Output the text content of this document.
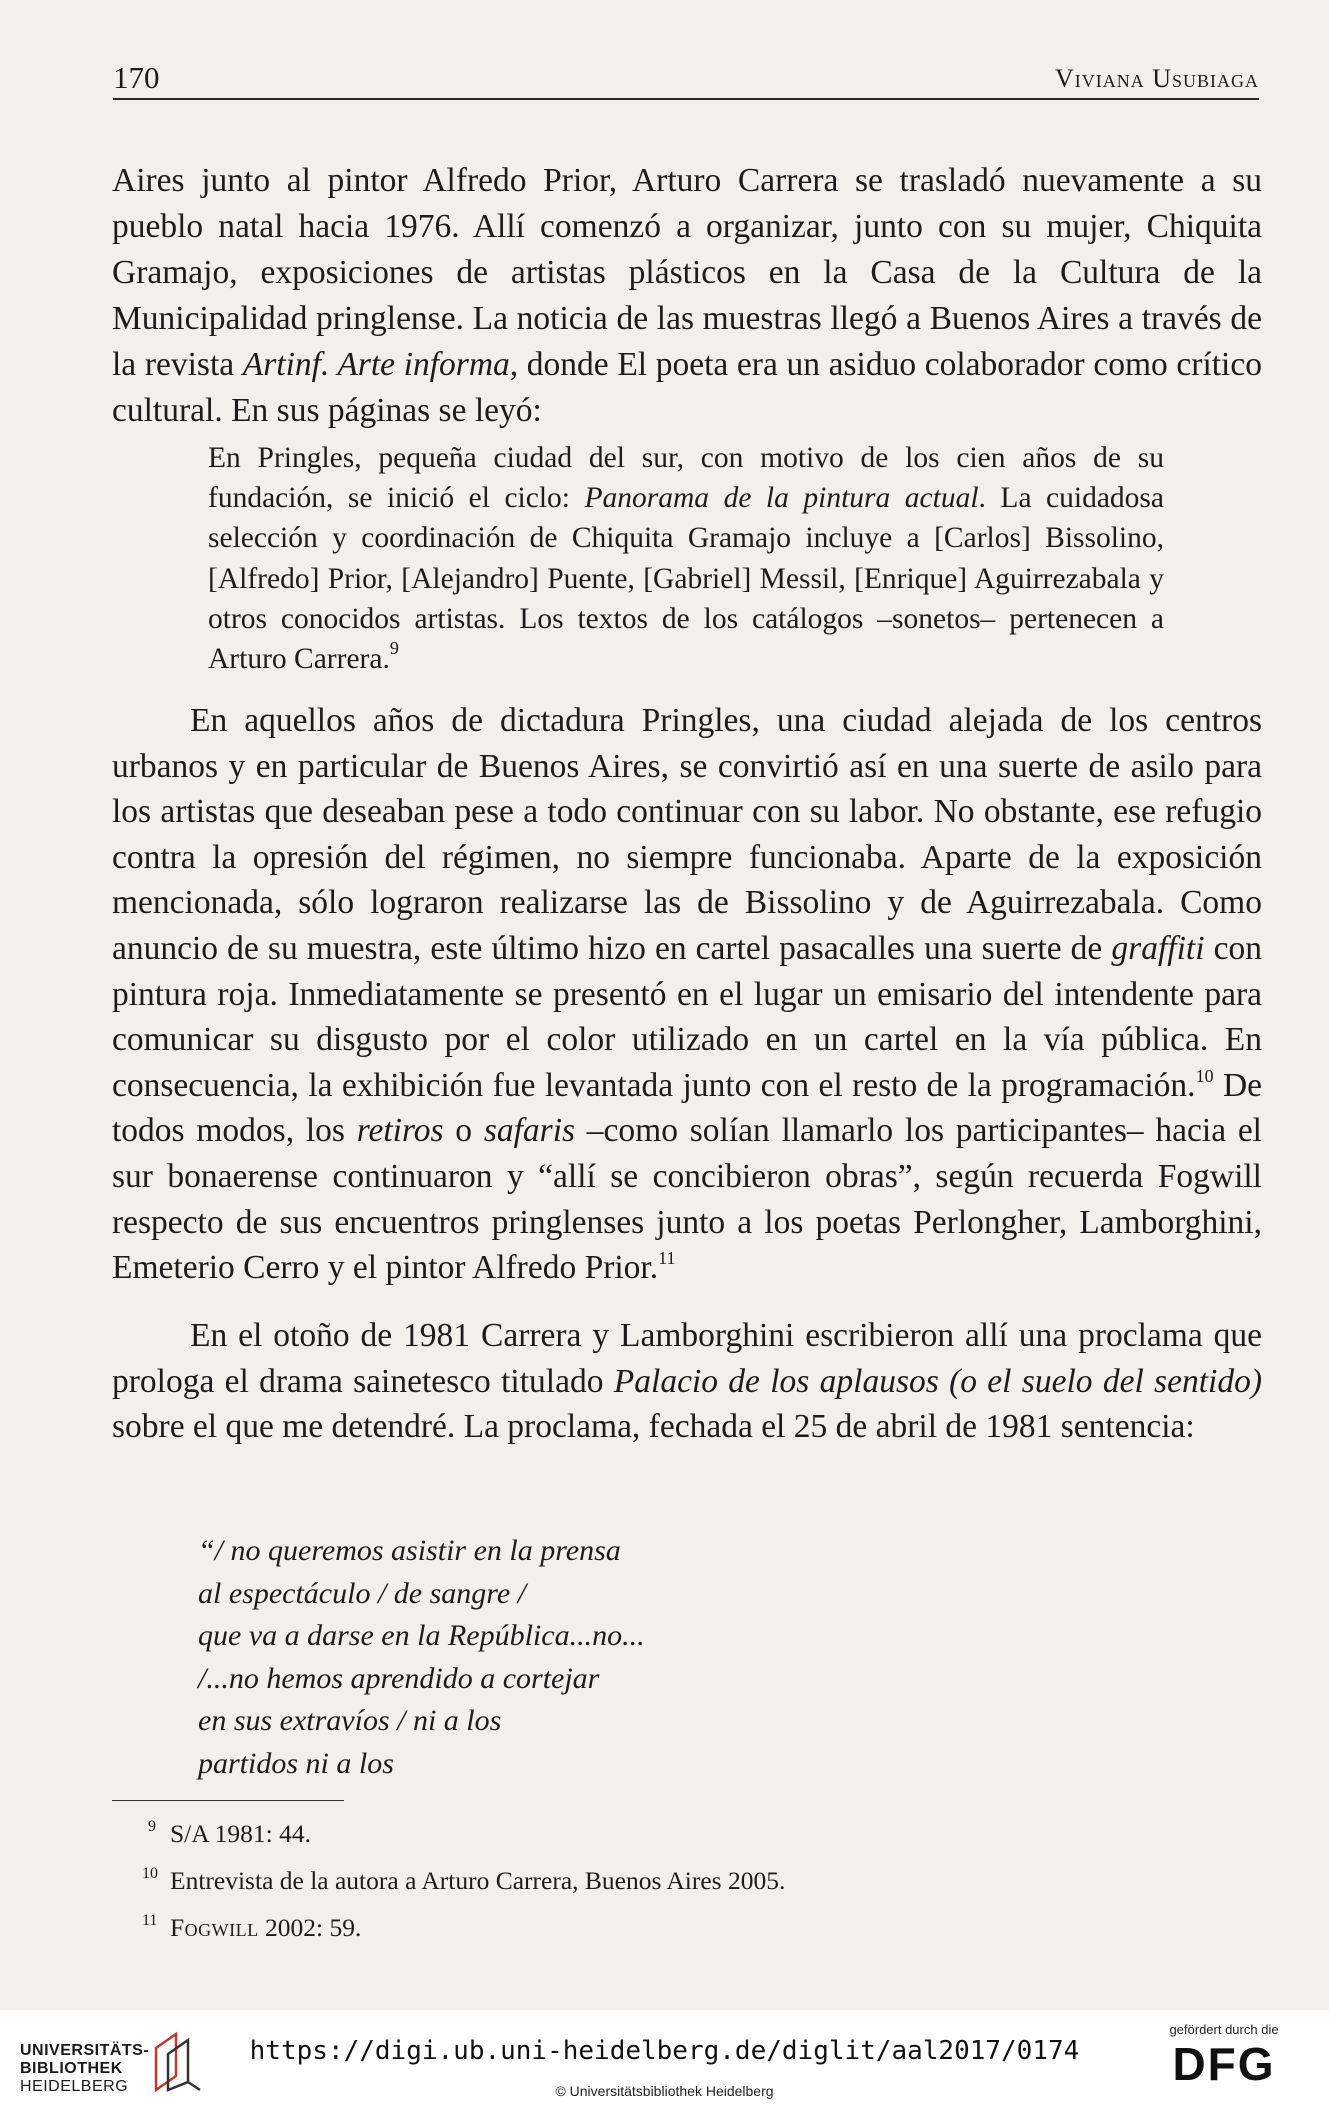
170	Viviana Usubiaga

Aires junto al pintor Alfredo Prior, Arturo Carrera se trasladó nuevamente a su pueblo natal hacia 1976. Allí comenzó a organizar, junto con su mujer, Chiquita Gramajo, exposiciones de artistas plásticos en la Casa de la Cultura de la Municipalidad pringlense. La noticia de las muestras llegó a Buenos Aires a través de la revista Artinf. Arte informa, donde El poeta era un asiduo colaborador como crítico cultural. En sus páginas se leyó:

En Pringles, pequeña ciudad del sur, con motivo de los cien años de su fundación, se inició el ciclo: Panorama de la pintura actual. La cuidadosa selección y coordinación de Chiquita Gramajo incluye a [Carlos] Bissolino, [Alfredo] Prior, [Alejandro] Puente, [Gabriel] Messil, [Enrique] Aguirrezabala y otros conocidos artistas. Los textos de los catálogos –sonetos– pertenecen a Arturo Carrera.$^9$

En aquellos años de dictadura Pringles, una ciudad alejada de los centros urbanos y en particular de Buenos Aires, se convirtió así en una suerte de asilo para los artistas que deseaban pese a todo continuar con su labor. No obstante, ese refugio contra la opresión del régimen, no siempre funcionaba. Aparte de la exposición mencionada, sólo lograron realizarse las de Bissolino y de Aguirrezabala. Como anuncio de su muestra, este último hizo en cartel pasacalles una suerte de graffiti con pintura roja. Inmediatamente se presentó en el lugar un emisario del intendente para comunicar su disgusto por el color utilizado en un cartel en la vía pública. En consecuencia, la exhibición fue levantada junto con el resto de la programación.$^{10}$ De todos modos, los retiros o safaris –como solían llamarlo los participantes– hacia el sur bonaerense continuaron y “allí se concibieron obras”, según recuerda Fogwill respecto de sus encuentros pringlenses junto a los poetas Perlongher, Lamborghini, Emeterio Cerro y el pintor Alfredo Prior.$^{11}$

En el otoño de 1981 Carrera y Lamborghini escribieron allí una proclama que prologa el drama sainetesco titulado Palacio de los aplausos (o el suelo del sentido) sobre el que me detendré. La proclama, fechada el 25 de abril de 1981 sentencia:

“/ no queremos asistir en la prensa
al espectáculo / de sangre /
que va a darse en la República...no...
/...no hemos aprendido a cortejar
en sus extravíos / ni a los
partidos ni a los
9 S/A 1981: 44.
10 Entrevista de la autora a Arturo Carrera, Buenos Aires 2005.
11 Fogwill 2002: 59.
UNIVERSITÄTS-
BIBLIOTHEK
HEIDELBERG
https://digi.ub.uni-heidelberg.de/diglit/aal2017/0174
© Universitätsbibliothek Heidelberg
gefördert durch die
DFG
